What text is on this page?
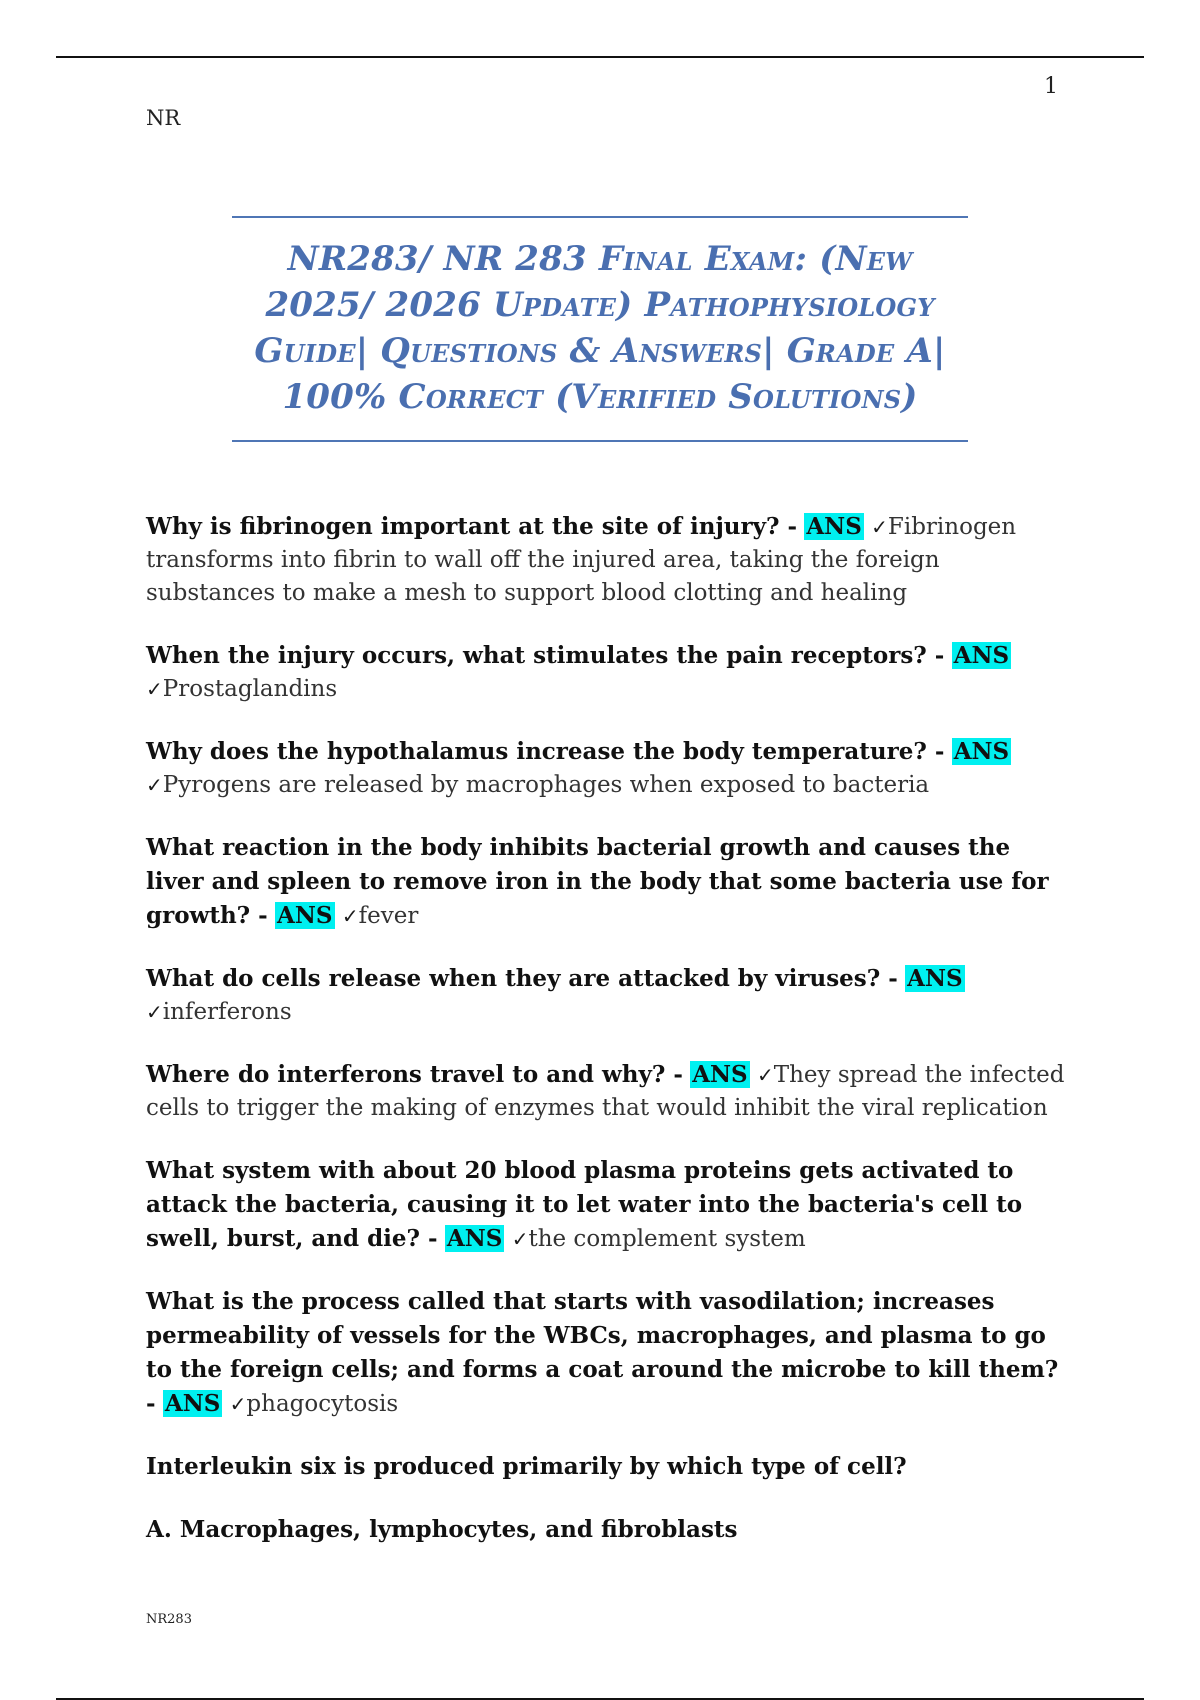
1
NR
NR283/ NR 283 Final Exam: (New 2025/ 2026 Update) Pathophysiology Guide| Questions & Answers| Grade A| 100% Correct (Verified Solutions)

Why is fibrinogen important at the site of injury? - ANS ✓Fibrinogen transforms into fibrin to wall off the injured area, taking the foreign substances to make a mesh to support blood clotting and healing

When the injury occurs, what stimulates the pain receptors? - ANS ✓Prostaglandins

Why does the hypothalamus increase the body temperature? - ANS ✓Pyrogens are released by macrophages when exposed to bacteria

What reaction in the body inhibits bacterial growth and causes the liver and spleen to remove iron in the body that some bacteria use for growth? - ANS ✓fever

What do cells release when they are attacked by viruses? - ANS ✓inferferons

Where do interferons travel to and why? - ANS ✓They spread the infected cells to trigger the making of enzymes that would inhibit the viral replication

What system with about 20 blood plasma proteins gets activated to attack the bacteria, causing it to let water into the bacteria's cell to swell, burst, and die? - ANS ✓the complement system

What is the process called that starts with vasodilation; increases permeability of vessels for the WBCs, macrophages, and plasma to go to the foreign cells; and forms a coat around the microbe to kill them? - ANS ✓phagocytosis

Interleukin six is produced primarily by which type of cell?

A. Macrophages, lymphocytes, and fibroblasts

NR283
